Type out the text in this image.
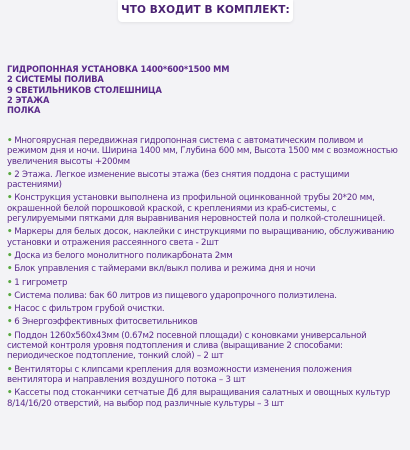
ЧТО ВХОДИТ В КОМПЛЕКТ:
ГИДРОПОННАЯ УСТАНОВКА 1400*600*1500 ММ
2 СИСТЕМЫ ПОЛИВА
9 СВЕТИЛЬНИКОВ СТОЛЕШНИЦА
2 ЭТАЖА
ПОЛКА
• Многоярусная передвижная гидропонная система с автоматическим поливом и режимом дня и ночи. Ширина 1400 мм, Глубина 600 мм, Высота 1500 мм с возможностью увеличения высоты +200мм
• 2 Этажа. Легкое изменение высоты этажа (без снятия поддона с растущими растениями)
• Конструкция установки выполнена из профильной оцинкованной трубы 20*20 мм, окрашенной белой порошковой краской, с креплениями из краб-системы, с регулируемыми пятками для выравнивания неровностей пола и полкой-столешницей.
• Маркеры для белых досок, наклейки с инструкциями по выращиванию, обслуживанию установки и отражения рассеянного света - 2шт
• Доска из белого монолитного поликарбоната 2мм
• Блок управления с таймерами вкл/выкл полива и режима дня и ночи
• 1 гигрометр
• Система полива: бак 60 литров из пищевого ударопрочного полиэтилена.
• Насос с фильтром грубой очистки.
• 6 Энергоэффективных фитосветильников
• Поддон 1260х560х43мм (0.67м2 посевной площади) с коновками универсальной системой контроля уровня подтопления и слива (выращивание 2 способами: периодическое подтопление, тонкий слой) – 2 шт
• Вентиляторы с клипсами крепления для возможности изменения положения вентилятора и направления воздушного потока – 3 шт
• Кассеты под стоканчики сетчатые Д6 для выращивания салатных и овощных культур 8/14/16/20 отверстий, на выбор под различные культуры – 3 шт
